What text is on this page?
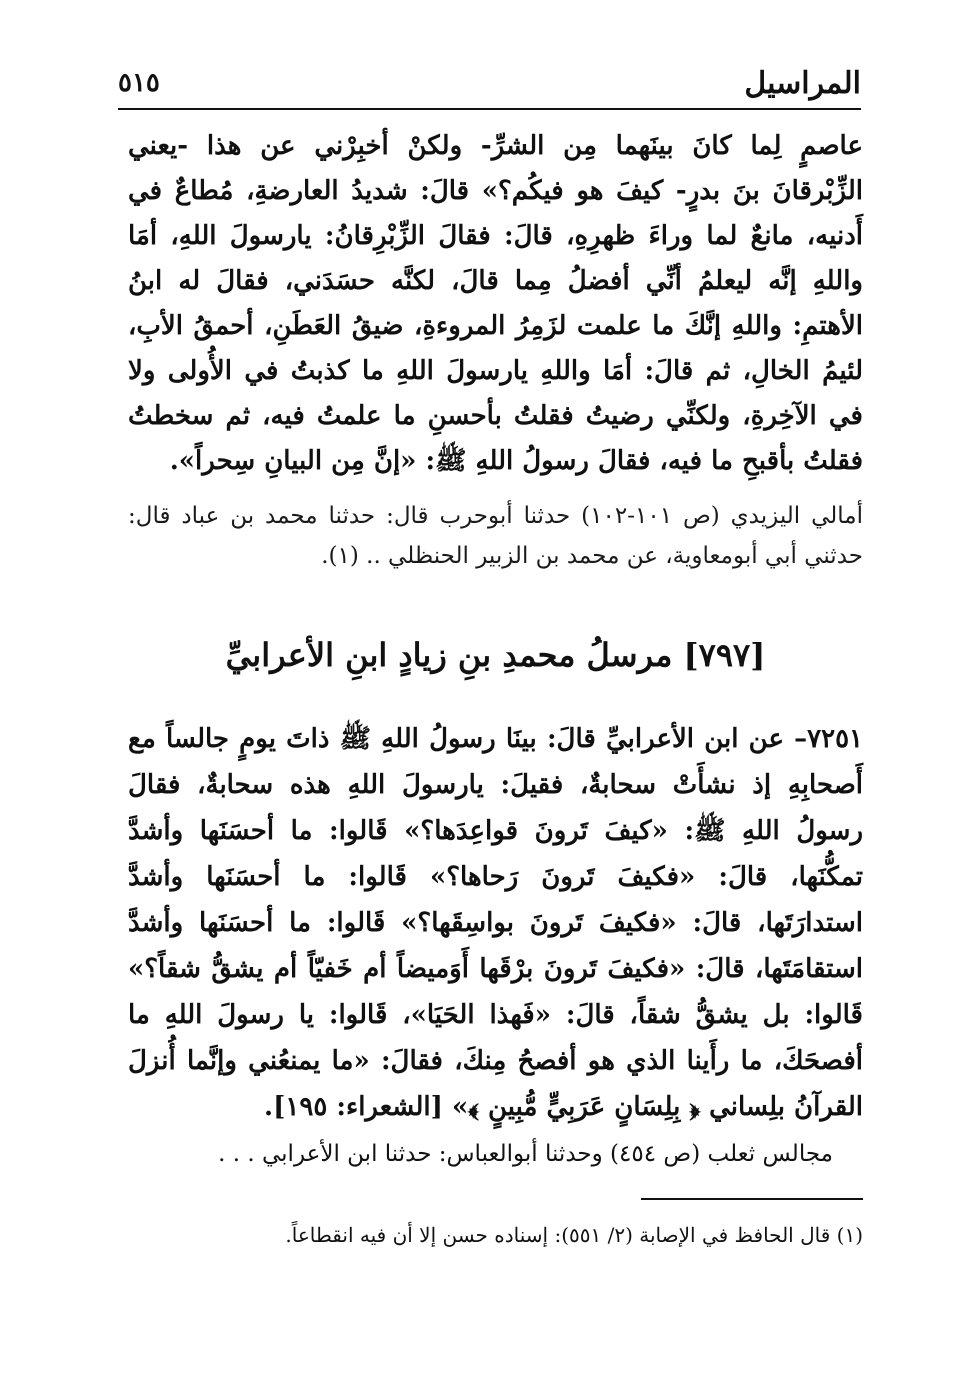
المراسيل
٥١٥
عاصمٍ لِما كانَ بينَهما مِن الشرِّ- ولكنْ أخبِرْني عن هذا -يعني الزِّبْرقانَ بنَ بدرٍ- كيفَ هو فيكُم؟» قالَ: شديدُ العارضةِ، مُطاعٌ في أَدنيه، مانعٌ لما وراءَ ظهرِهِ، قالَ: فقالَ الزِّبْرِقانُ: يارسولَ اللهِ، أمَا واللهِ إنَّه ليعلمُ أنِّي أفضلُ مِما قالَ، لكنَّه حسَدَني، فقالَ له ابنُ الأهتمِ: واللهِ إنَّكَ ما علمت لزَمِرُ المروءةِ، ضيقُ العَطَنِ، أحمقُ الأبِ، لئيمُ الخالِ، ثم قالَ: أمَا واللهِ يارسولَ اللهِ ما كذبتُ في الأُولى ولا في الآخِرةِ، ولكنِّي رضيتُ فقلتُ بأحسنِ ما علمتُ فيه، ثم سخطتُ فقلتُ بأقبحِ ما فيه، فقالَ رسولُ اللهِ ﷺ: «إنَّ مِن البيانِ سِحراً».
أمالي اليزيدي (ص ١٠١-١٠٢) حدثنا أبوحرب قال: حدثنا محمد بن عباد قال: حدثني أبي أبومعاوية، عن محمد بن الزبير الحنظلي .. (١).
[٧٩٧] مرسلُ محمدِ بنِ زيادٍ ابنِ الأعرابيِّ
٧٢٥١– عن ابن الأعرابيِّ قالَ: بينَا رسولُ اللهِ ﷺ ذاتَ يومٍ جالساً مع أَصحابِهِ إذ نشأَتْ سحابةٌ، فقيلَ: يارسولَ اللهِ هذه سحابةٌ، فقالَ رسولُ اللهِ ﷺ: «كيفَ تَرونَ قواعِدَها؟» قَالوا: ما أحسَنَها وأشدَّ تمكُّنَها، قالَ: «فكيفَ تَرونَ رَحاها؟» قَالوا: ما أحسَنَها وأشدَّ استدارَتَها، قالَ: «فكيفَ تَرونَ بواسِقَها؟» قَالوا: ما أحسَنَها وأشدَّ استقامَتَها، قالَ: «فكيفَ تَرونَ برْقَها أَوَميضاً أم خَفيّاً أم يشقُّ شقاً؟» قَالوا: بل يشقُّ شقاً، قالَ: «فَهذا الحَيَا»، قَالوا: يا رسولَ اللهِ ما أفصحَكَ، ما رأَينا الذي هو أفصحُ مِنكَ، فقالَ: «ما يمنعُني وإنَّما أُنزلَ القرآنُ بلِساني ﴿ بِلِسَانٍ عَرَبِيٍّ مُّبِينٍ ﴾» [الشعراء: ١٩٥].
مجالس ثعلب (ص ٤٥٤) وحدثنا أبوالعباس: حدثنا ابن الأعرابي . . .
(١) قال الحافظ في الإصابة (٢/ ٥٥١): إسناده حسن إلا أن فيه انقطاعاً.
